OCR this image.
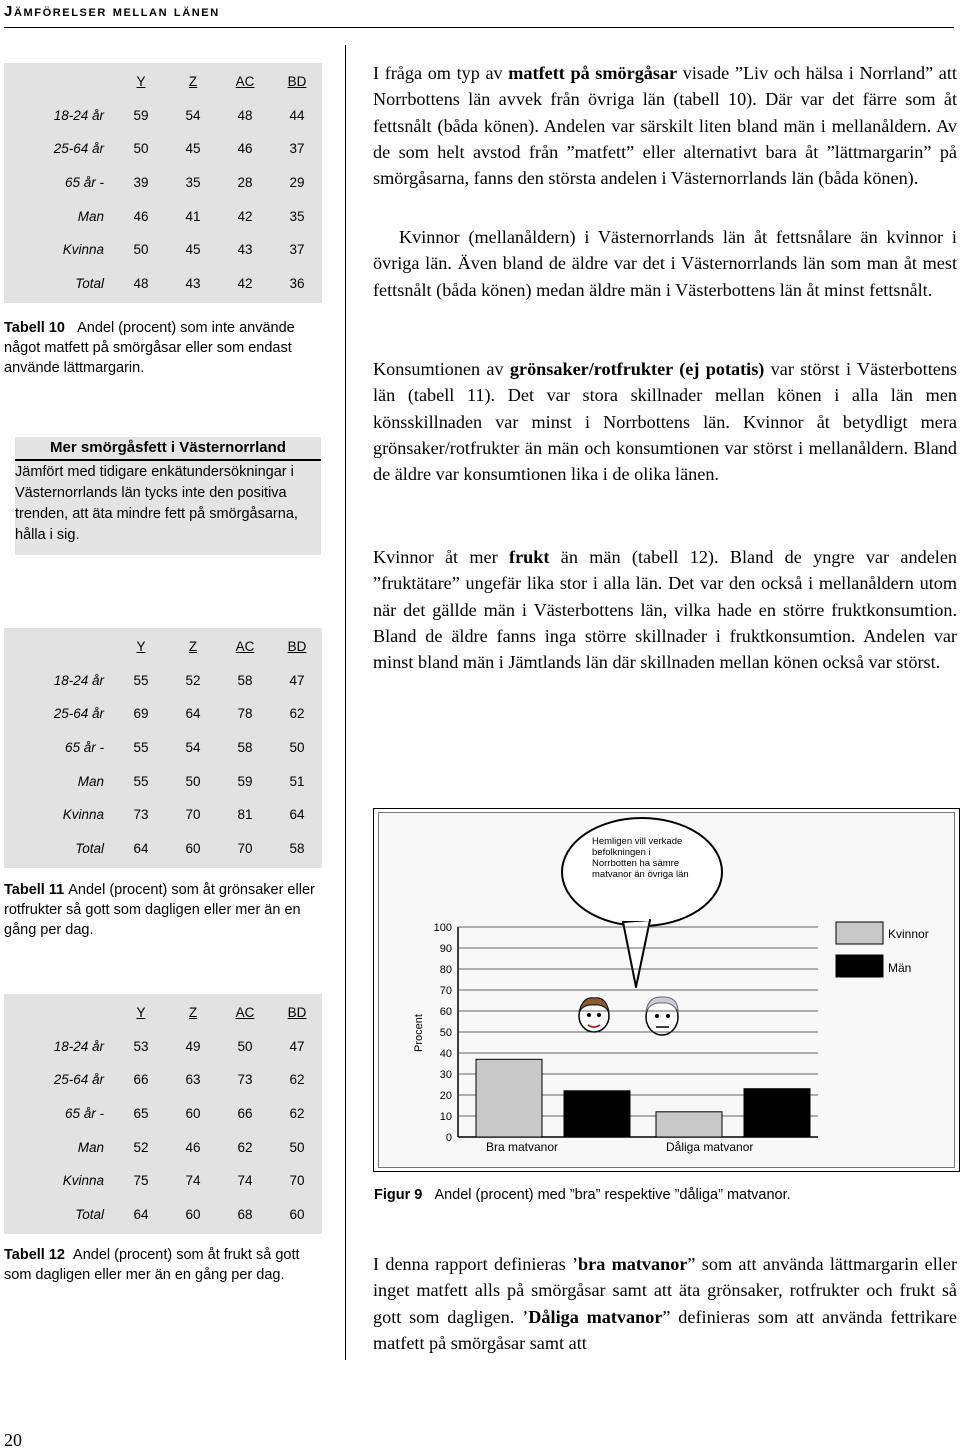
Jämförelser mellan länen
	Y	Z	AC	BD
18-24 år	59	54	48	44
25-64 år	50	45	46	37
65 år -	39	35	28	29
Man	46	41	42	35
Kvinna	50	45	43	37
Total	48	43	42	36
Tabell 10 Andel (procent) som inte använde något matfett på smörgåsar eller som endast använde lättmargarin.
Mer smörgåsfett i Västernorrland
Jämfört med tidigare enkätundersökningar i Västernorrlands län tycks inte den positiva trenden, att äta mindre fett på smörgåsarna, hålla i sig.
	Y	Z	AC	BD
18-24 år	55	52	58	47
25-64 år	69	64	78	62
65 år -	55	54	58	50
Man	55	50	59	51
Kvinna	73	70	81	64
Total	64	60	70	58
Tabell 11 Andel (procent) som åt grönsaker eller rotfrukter så gott som dagligen eller mer än en gång per dag.
	Y	Z	AC	BD
18-24 år	53	49	50	47
25-64 år	66	63	73	62
65 år -	65	60	66	62
Man	52	46	62	50
Kvinna	75	74	74	70
Total	64	60	68	60
Tabell 12 Andel (procent) som åt frukt så gott som dagligen eller mer än en gång per dag.
I fråga om typ av matfett på smörgåsar visade ”Liv och hälsa i Norrland” att Norrbottens län avvek från övriga län (tabell 10). Där var det färre som åt fettsnålt (båda könen). Andelen var särskilt liten bland män i mellanåldern. Av de som helt avstod från ”matfett” eller alternativt bara åt ”lättmargarin” på smörgåsarna, fanns den största andelen i Västernorrlands län (båda könen).
Kvinnor (mellanåldern) i Västernorrlands län åt fettsnålare än kvinnor i övriga län. Även bland de äldre var det i Västernorrlands län som man åt mest fettsnålt (båda könen) medan äldre män i Västerbottens län åt minst fettsnålt.
Konsumtionen av grönsaker/rotfrukter (ej potatis) var störst i Västerbottens län (tabell 11). Det var stora skillnader mellan könen i alla län men könsskillnaden var minst i Norrbottens län. Kvinnor åt betydligt mera grönsaker/rotfrukter än män och konsumtionen var störst i mellanåldern. Bland de äldre var konsumtionen lika i de olika länen.
Kvinnor åt mer frukt än män (tabell 12). Bland de yngre var andelen ”fruktätare” ungefär lika stor i alla län. Det var den också i mellanåldern utom när det gällde män i Västerbottens län, vilka hade en större fruktkonsumtion. Bland de äldre fanns inga större skillnader i fruktkonsumtion. Andelen var minst bland män i Jämtlands län där skillnaden mellan könen också var störst.
Hemligen vill verkade befolkningen i Norrbotten ha sämre matvanor än övriga län
0
10
20
30
40
50
60
70
80
90
100
Procent
Bra matvanor	Dåliga matvanor
Kvinnor
Män
Figur 9 Andel (procent) med ”bra” respektive ”dåliga” matvanor.
I denna rapport definieras ’bra matvanor” som att använda lättmargarin eller inget matfett alls på smörgåsar samt att äta grönsaker, rotfrukter och frukt så gott som dagligen. ’Dåliga matvanor” definieras som att använda fettrikare matfett på smörgåsar samt att
20
